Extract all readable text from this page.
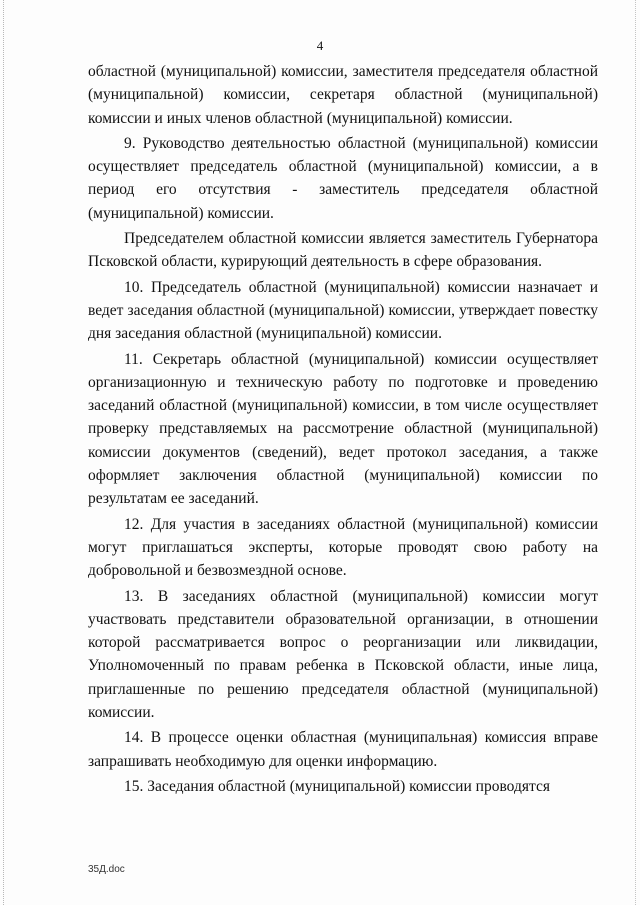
4

областной (муниципальной) комиссии, заместителя председателя областной (муниципальной) комиссии, секретаря областной (муниципальной) комиссии и иных членов областной (муниципальной) комиссии.

9. Руководство деятельностью областной (муниципальной) комиссии осуществляет председатель областной (муниципальной) комиссии, а в период его отсутствия - заместитель председателя областной (муниципальной) комиссии.

Председателем областной комиссии является заместитель Губернатора Псковской области, курирующий деятельность в сфере образования.

10. Председатель областной (муниципальной) комиссии назначает и ведет заседания областной (муниципальной) комиссии, утверждает повестку дня заседания областной (муниципальной) комиссии.

11. Секретарь областной (муниципальной) комиссии осуществляет организационную и техническую работу по подготовке и проведению заседаний областной (муниципальной) комиссии, в том числе осуществляет проверку представляемых на рассмотрение областной (муниципальной) комиссии документов (сведений), ведет протокол заседания, а также оформляет заключения областной (муниципальной) комиссии по результатам ее заседаний.

12. Для участия в заседаниях областной (муниципальной) комиссии могут приглашаться эксперты, которые проводят свою работу на добровольной и безвозмездной основе.

13. В заседаниях областной (муниципальной) комиссии могут участвовать представители образовательной организации, в отношении которой рассматривается вопрос о реорганизации или ликвидации, Уполномоченный по правам ребенка в Псковской области, иные лица, приглашенные по решению председателя областной (муниципальной) комиссии.

14. В процессе оценки областная (муниципальная) комиссия вправе запрашивать необходимую для оценки информацию.

15. Заседания областной (муниципальной) комиссии проводятся

35Д.doc
